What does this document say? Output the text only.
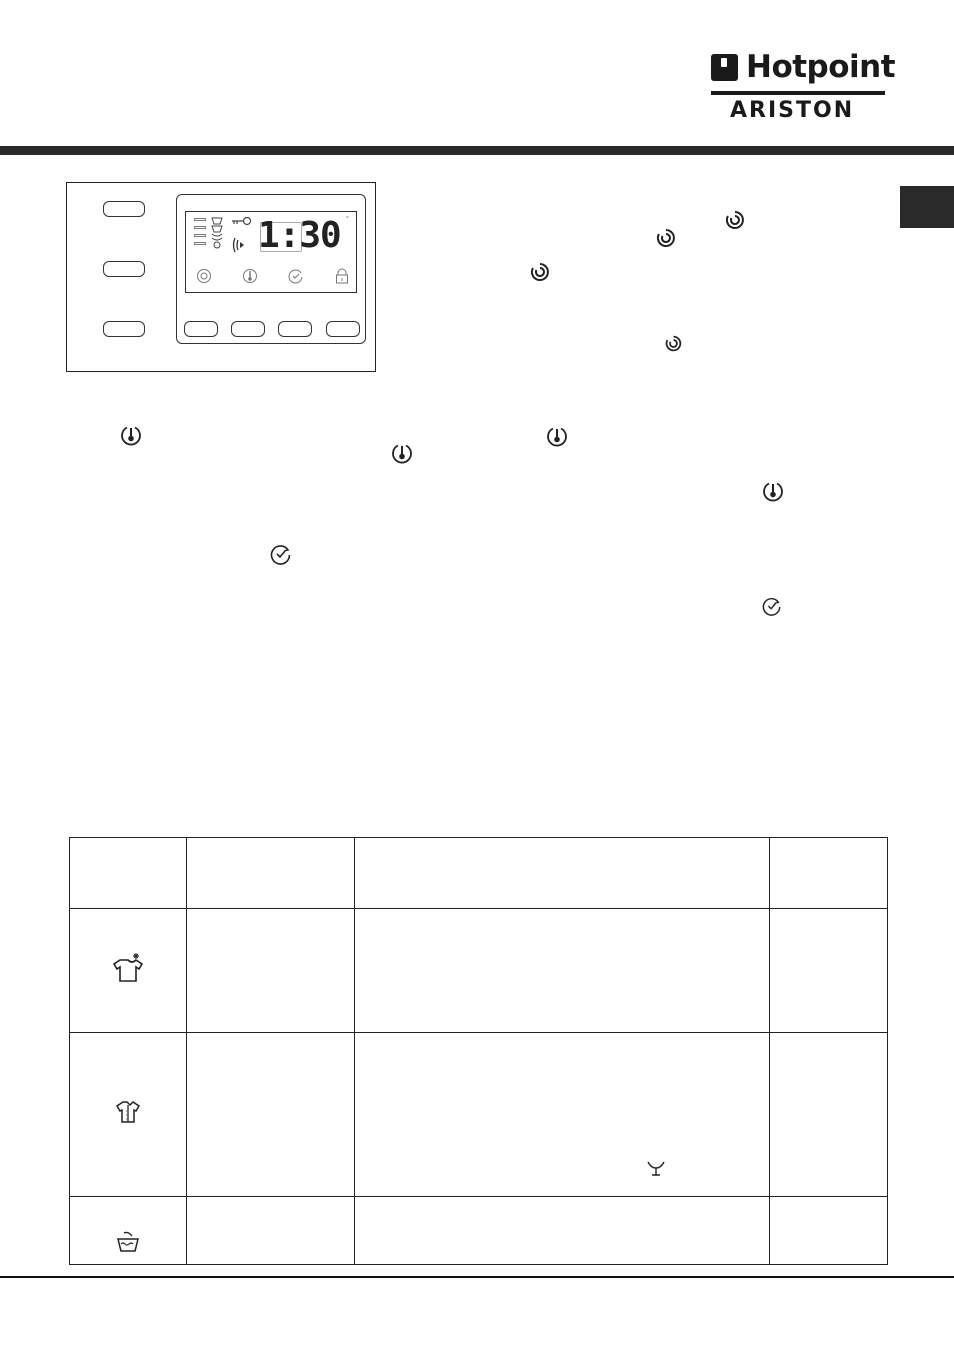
Hotpoint
ARISTON
1:30 °
